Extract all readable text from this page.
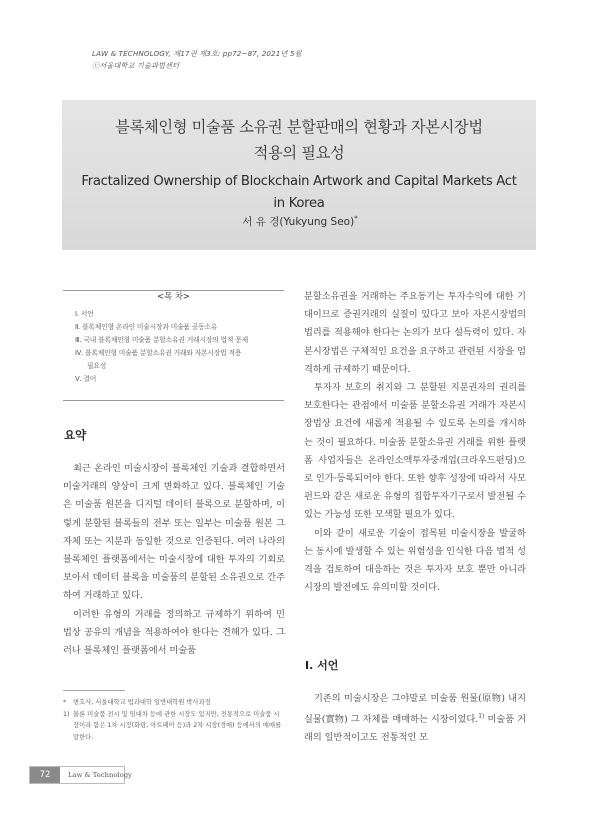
LAW & TECHNOLOGY, 제17권 제3호: pp72~87, 2021년 5월
ⓒ서울대학교 기술과법센터
블록체인형 미술품 소유권 분할판매의 현황과 자본시장법
적용의 필요성
Fractalized Ownership of Blockchain Artwork and Capital Markets Act
in Korea
서 유 경(Yukyung Seo)*
<목 차>
Ⅰ. 서언
Ⅱ. 블록체인형 온라인 미술시장과 미술품 공동소유
Ⅲ. 국내 블록체인형 미술품 분할소유권 거래시장의 법적 문제
Ⅳ. 블록체인형 미술품 분할소유권 거래와 자본시장법 적용
필요성
Ⅴ. 결어
요약

최근 온라인 미술시장이 블록체인 기술과 결합하면서 미술거래의 양상이 크게 변화하고 있다. 블록체인 기술은 미술품 원본을 디지털 데이터 블록으로 분할하며, 이렇게 분할된 블록들의 전부 또는 일부는 미술품 원본 그 자체 또는 지분과 동일한 것으로 인증된다. 여러 나라의 블록체인 플랫폼에서는 미술시장에 대한 투자의 기회로 보아서 데이터 블록을 미술품의 분할된 소유권으로 간주하여 거래하고 있다.

이러한 유형의 거래를 정의하고 규제하기 위하여 민법상 공유의 개념을 적용하여야 한다는 견해가 있다. 그러나 블록체인 플랫폼에서 미술품

*	변호사, 서울대학교 법과대학 일반대학원 박사과정
1) 물론 미술품 전시 및 임대차 등에 관한 시장도 있지만, 전통적으로 미술품 시장이라 함은 1차 시장(화랑, 아트페어 등)과 2차 시장(경매) 등에서의 매매를 말한다.

분할소유권을 거래하는 주요동기는 투자수익에 대한 기대이므로 증권거래의 실질이 있다고 보아 자본시장법의 법리를 적용해야 한다는 논의가 보다 설득력이 있다. 자본시장법은 구체적인 요건을 요구하고 관련된 시장을 엄격하게 규제하기 때문이다.

투자자 보호의 취지와 그 분할된 지분권자의 권리를 보호한다는 관점에서 미술품 분할소유권 거래가 자본시장법상 요건에 새롭게 적용될 수 있도록 논의를 개시하는 것이 필요하다. 미술품 분할소유권 거래를 위한 플랫폼 사업자들은 온라인소액투자중개업(크라우드펀딩)으로 인가·등록되어야 한다. 또한 향후 성장에 따라서 사모펀드와 같은 새로운 유형의 집합투자기구로서 발전될 수 있는 가능성 또한 모색할 필요가 있다.

이와 같이 새로운 기술이 접목된 미술시장을 발굴하는 동시에 발생할 수 있는 위험성을 인식한 다음 법적 성격을 검토하여 대응하는 것은 투자자 보호 뿐만 아니라 시장의 발전에도 유의미할 것이다.

Ⅰ. 서언

기존의 미술시장은 그야말로 미술품 원물(原物) 내지 실물(實物) 그 자체를 매매하는 시장이었다.$^{1)}$ 미술품 거래의 일반적이고도 전통적인 모

72	Law & Technology
